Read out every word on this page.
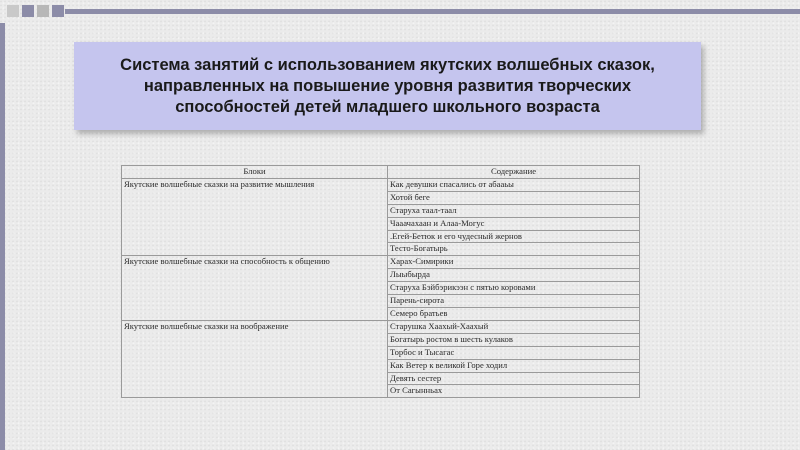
Система занятий с использованием якутских волшебных сказок,
направленных на повышение уровня развития творческих
способностей детей младшего школьного возраста
Блоки	Содержание
Якутские волшебные сказки на развитие мышления	Как девушки спасались от абааьы
	Хотой беге
	Старуха таал-таал
	Чааачахаан и Алаа-Могус
	.Егей-Бетюк и его чудесный жернов
	Тесто-Богатырь
Якутские волшебные сказки на способность к общению	Харах-Симирики
	Лыыбырда
	Старуха Бэйбэрикээн с пятью коровами
	Парень-сирота
	Семеро братьев
Якутские волшебные сказки на воображение	Старушка Хаахый-Хаахый
	Богатырь ростом в шесть кулаков
	Торбос и Тысагас
	Как Ветер к великой Горе ходил
	Девять сестер
	От Сагынньах
